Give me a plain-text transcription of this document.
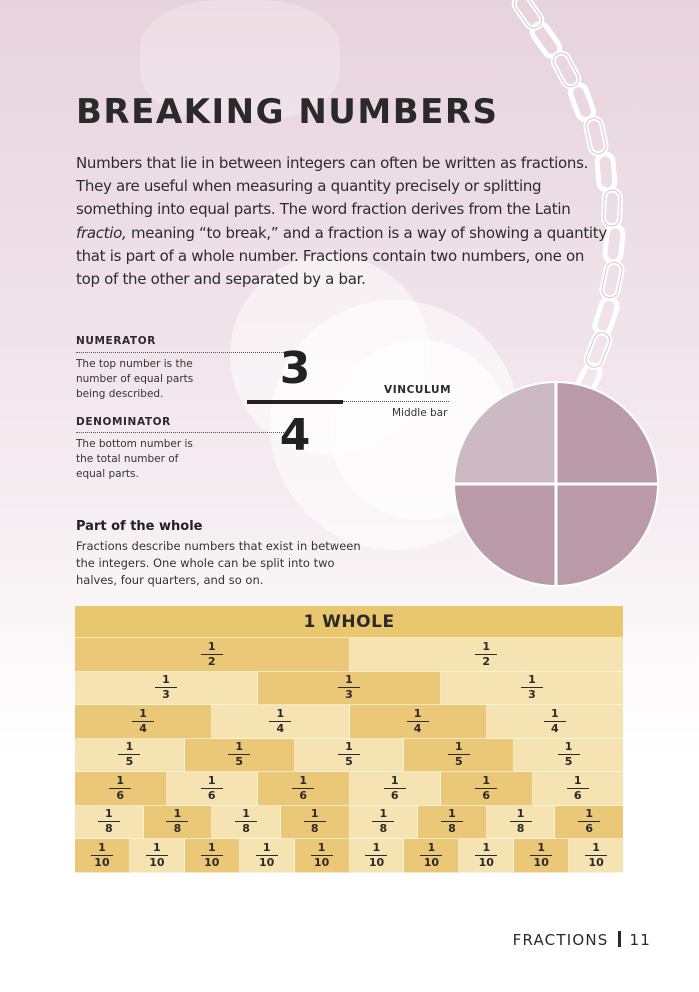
BREAKING NUMBERS

Numbers that lie in between integers can often be written as fractions. They are useful when measuring a quantity precisely or splitting something into equal parts. The word fraction derives from the Latin fractio, meaning “to break,” and a fraction is a way of showing a quantity that is part of a whole number. Fractions contain two numbers, one on top of the other and separated by a bar.

NUMERATOR
The top number is the number of equal parts being described.
DENOMINATOR
The bottom number is the total number of equal parts.
VINCULUM
Middle bar
3
4
Part of the whole
Fractions describe numbers that exist in between the integers. One whole can be split into two halves, four quarters, and so on.
1 WHOLE
$\frac{1}{2}$	$\frac{1}{2}$
$\frac{1}{3}$	$\frac{1}{3}$	$\frac{1}{3}$
$\frac{1}{4}$	$\frac{1}{4}$	$\frac{1}{4}$	$\frac{1}{4}$
$\frac{1}{5}$	$\frac{1}{5}$	$\frac{1}{5}$	$\frac{1}{5}$	$\frac{1}{5}$
$\frac{1}{6}$	$\frac{1}{6}$	$\frac{1}{6}$	$\frac{1}{6}$	$\frac{1}{6}$	$\frac{1}{6}$
$\frac{1}{8}$	$\frac{1}{8}$	$\frac{1}{8}$	$\frac{1}{8}$	$\frac{1}{8}$	$\frac{1}{8}$	$\frac{1}{8}$	$\frac{1}{6}$
$\frac{1}{10}$	$\frac{1}{10}$	$\frac{1}{10}$	$\frac{1}{10}$	$\frac{1}{10}$	$\frac{1}{10}$	$\frac{1}{10}$	$\frac{1}{10}$	$\frac{1}{10}$	$\frac{1}{10}$
FRACTIONS 11
